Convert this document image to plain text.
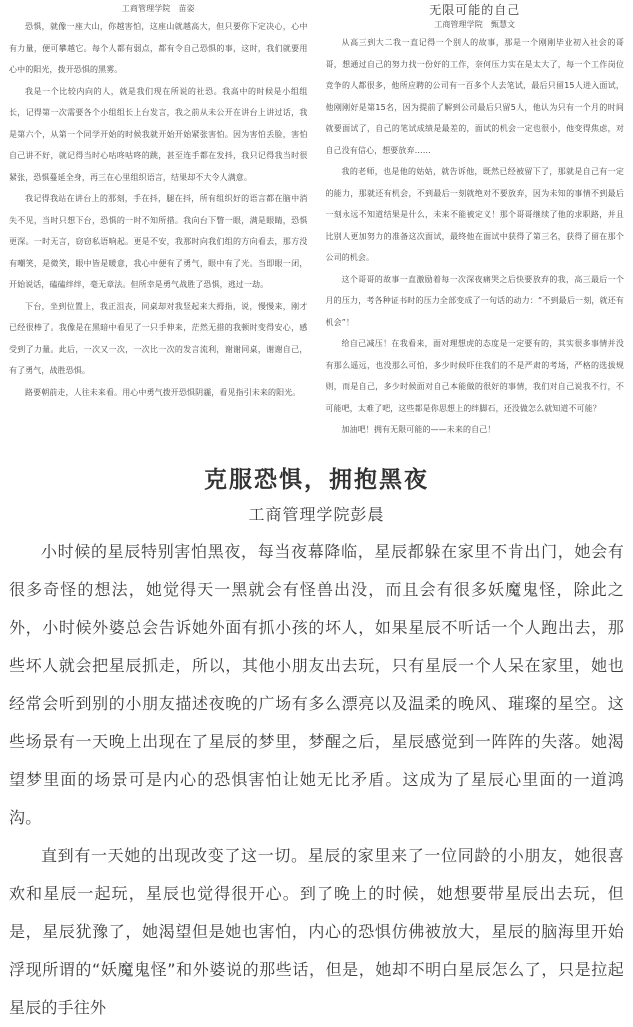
工商管理学院　苗姿

恐惧，就像一座大山，你越害怕，这座山就越高大，但只要你下定决心，心中有力量，便可攀越它。每个人都有弱点，都有令自己恐惧的事，这时，我们就要用心中的阳光，拨开恐惧的黑雾。

我是一个比较内向的人，就是我们现在所说的社恐。我高中的时候是小组组长，记得第一次需要各个小组组长上台发言，我之前从未公开在讲台上讲过话，我是第六个，从第一个同学开始的时候我就开始开始紧张害怕。因为害怕丢脸，害怕自己讲不好，就记得当时心咕咚咕咚的跳，甚至连手都在发抖，我只记得我当时很紧张，恐惧蔓延全身，再三在心里组织语言，结果却不大令人满意。

我记得我站在讲台上的那刻，手在抖，腿在抖，所有组织好的语言都在脑中消失不见，当时只想下台，恐惧的一时不知所措。我向台下瞥一眼，满是眼睛，恐惧更深。一时无言，窃窃私语响起。更是不安，我那时向我们组的方向看去，那方没有嘲笑，是微笑，眼中皆是暖意，我心中便有了勇气，眼中有了光。当即眼一闭，开始说话，磕磕绊绊，毫无章法。但所幸是勇气战胜了恐惧，逃过一劫。

下台，坐到位置上，我正沮丧，同桌却对我竖起来大拇指，说，慢慢来，刚才已经很棒了。我像是在黑暗中看见了一只手伸来，茫然无措的我顿时变得安心，感受到了力量。此后，一次又一次，一次比一次的发言流利，谢谢同桌，谢谢自己，有了勇气，战胜恐惧。

路要朝前走，人往未来看。用心中勇气拨开恐惧阴霾，看见指引未来的阳光。

无限可能的自己
工商管理学院　甄慧文

从高三到大二我一直记得一个别人的故事，那是一个刚刚毕业初入社会的哥哥，想通过自己的努力找一份好的工作，奈何压力实在是太大了，每一个工作岗位竞争的人都很多，他所应聘的公司有一百多个人去笔试，最后只留15人进入面试，他刚刚好是第15名，因为提前了解到公司最后只留5人，他认为只有一个月的时间就要面试了，自己的笔试成绩是最差的，面试的机会一定也很小，他变得焦虑，对自己没有信心，想要放弃……

我的老师，也是他的姑姑，就告诉他，既然已经被留下了，那就是自己有一定的能力，那就还有机会，不到最后一刻就绝对不要放弃，因为未知的事情不到最后一刻永远不知道结果是什么，未来不能被定义！那个哥哥继续了他的求职路，并且比别人更加努力的准备这次面试，最终他在面试中获得了第三名，获得了留在那个公司的机会。

这个哥哥的故事一直激励着每一次深夜痛哭之后快要放弃的我，高三最后一个月的压力，考各种证书时的压力全部变成了一句话的动力：“不到最后一刻，就还有机会”！

给自己减压！在我看来，面对理想虎的态度是一定要有的，其实很多事情并没有那么遥远，也没那么可怕，多少时候吓住我们的不是严肃的考场，严格的选拔规则，而是自己，多少时候面对自己本能做的很好的事情，我们对自己说我不行，不可能吧，太难了吧，这些都是你思想上的绊脚石，还没做怎么就知道不可能？

加油吧！拥有无限可能的——未来的自己！

克服恐惧，拥抱黑夜
工商管理学院彭晨

小时候的星辰特别害怕黑夜，每当夜幕降临，星辰都躲在家里不肯出门，她会有很多奇怪的想法，她觉得天一黑就会有怪兽出没，而且会有很多妖魔鬼怪，除此之外，小时候外婆总会告诉她外面有抓小孩的坏人，如果星辰不听话一个人跑出去，那些坏人就会把星辰抓走，所以，其他小朋友出去玩，只有星辰一个人呆在家里，她也经常会听到别的小朋友描述夜晚的广场有多么漂亮以及温柔的晚风、璀璨的星空。这些场景有一天晚上出现在了星辰的梦里，梦醒之后，星辰感觉到一阵阵的失落。她渴望梦里面的场景可是内心的恐惧害怕让她无比矛盾。这成为了星辰心里面的一道鸿沟。

直到有一天她的出现改变了这一切。星辰的家里来了一位同龄的小朋友，她很喜欢和星辰一起玩，星辰也觉得很开心。到了晚上的时候，她想要带星辰出去玩，但是，星辰犹豫了，她渴望但是她也害怕，内心的恐惧仿佛被放大，星辰的脑海里开始浮现所谓的“妖魔鬼怪”和外婆说的那些话，但是，她却不明白星辰怎么了，只是拉起星辰的手往外
